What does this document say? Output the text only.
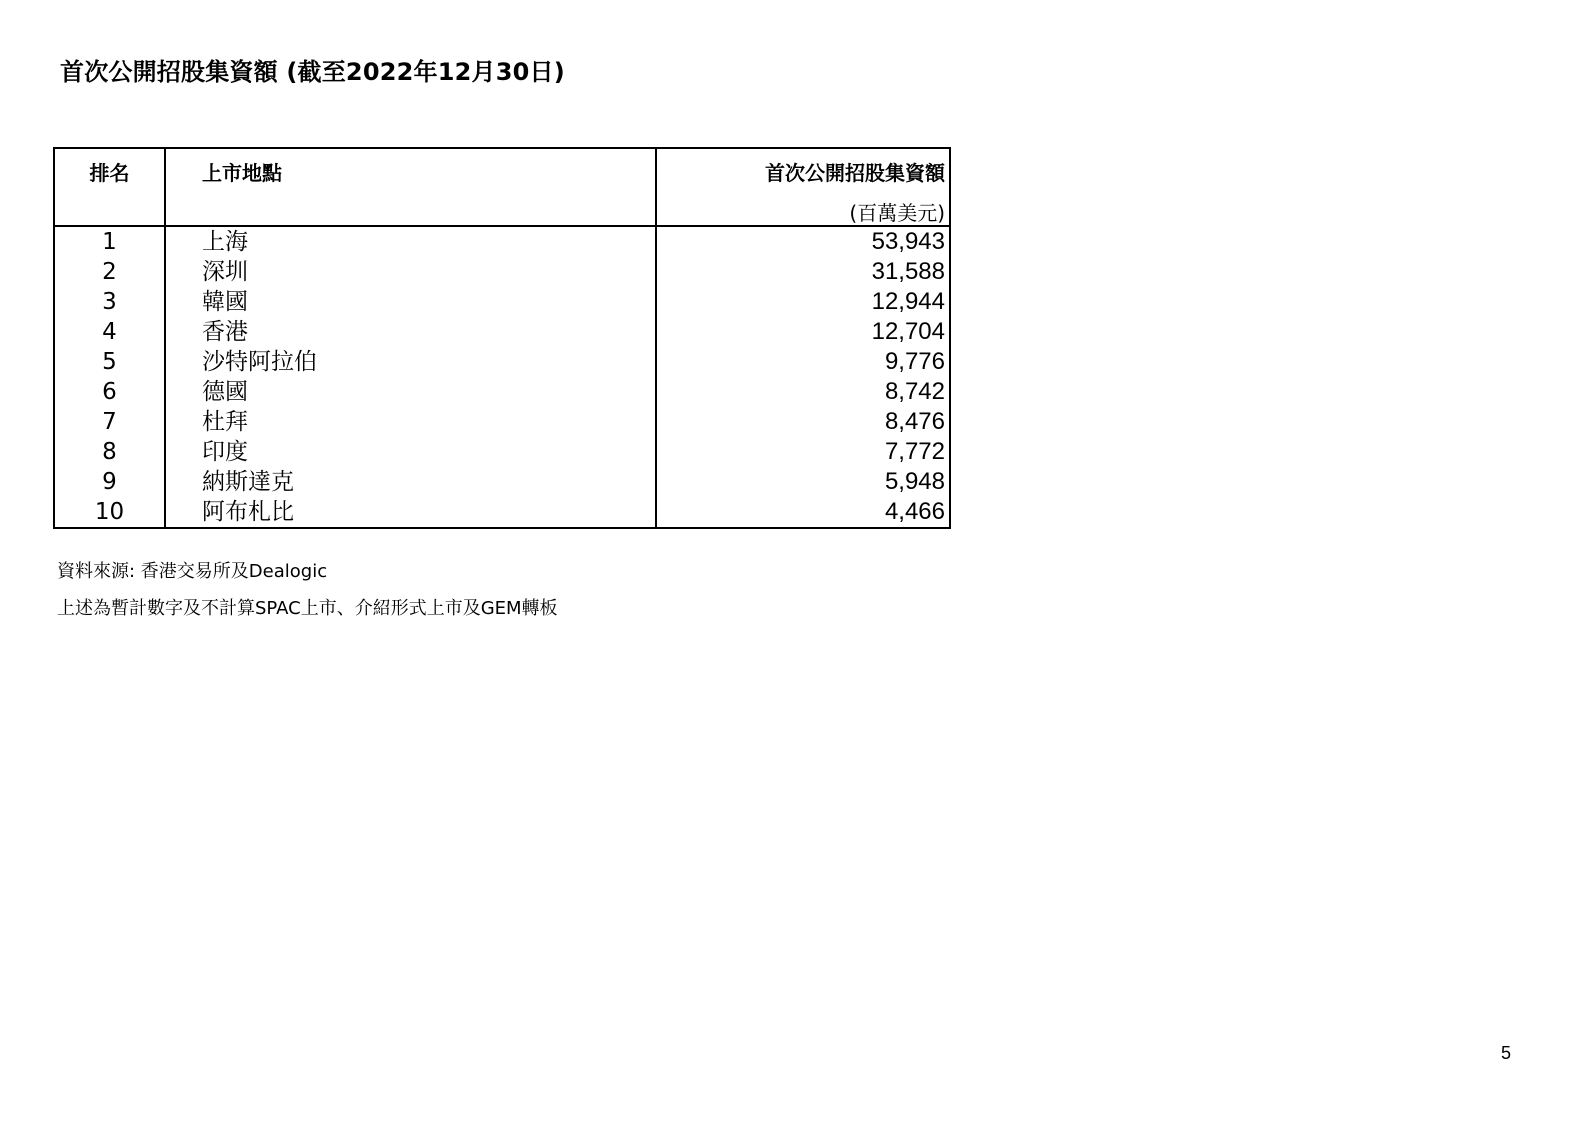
首次公開招股集資額 (截至2022年12月30日)
排名	上市地點	首次公開招股集資額
(百萬美元)

1	上海	53,943
2	深圳	31,588
3	韓國	12,944
4	香港	12,704
5	沙特阿拉伯	9,776
6	德國	8,742
7	杜拜	8,476
8	印度	7,772
9	納斯達克	5,948
10	阿布札比	4,466
資料來源: 香港交易所及Dealogic
上述為暫計數字及不計算SPAC上市、介紹形式上市及GEM轉板
5
